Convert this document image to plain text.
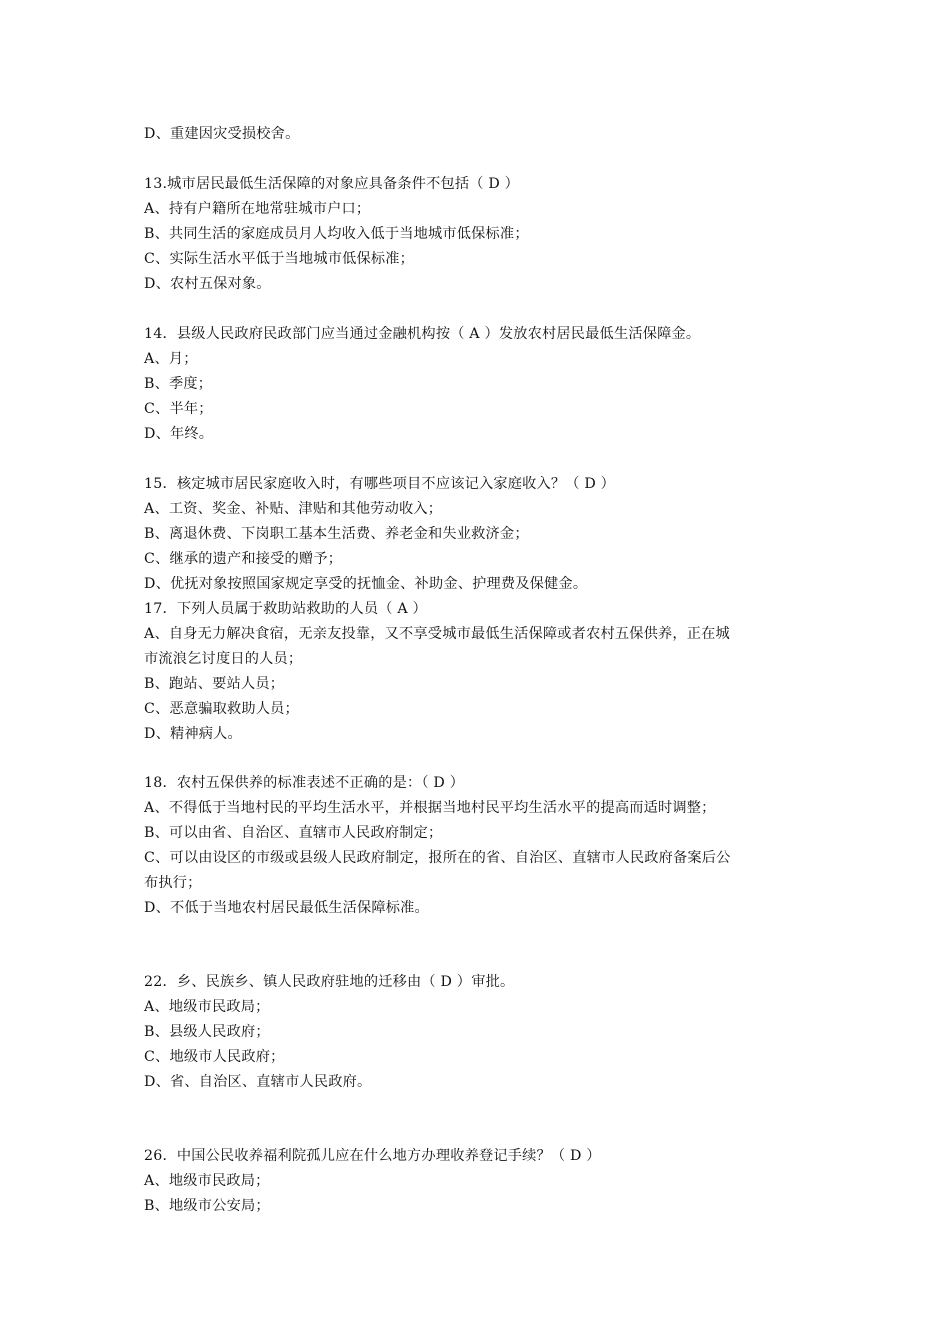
D、重建因灾受损校舍。
13.城市居民最低生活保障的对象应具备条件不包括（ D ）
A、持有户籍所在地常驻城市户口；
B、共同生活的家庭成员月人均收入低于当地城市低保标准；
C、实际生活水平低于当地城市低保标准；
D、农村五保对象。
14．县级人民政府民政部门应当通过金融机构按（ A ）发放农村居民最低生活保障金。
A、月；
B、季度；
C、半年；
D、年终。
15．核定城市居民家庭收入时，有哪些项目不应该记入家庭收入？（ D ）
A、工资、奖金、补贴、津贴和其他劳动收入；
B、离退休费、下岗职工基本生活费、养老金和失业救济金；
C、继承的遗产和接受的赠予；
D、优抚对象按照国家规定享受的抚恤金、补助金、护理费及保健金。
17．下列人员属于救助站救助的人员（ A ）
A、自身无力解决食宿，无亲友投靠，又不享受城市最低生活保障或者农村五保供养，正在城
市流浪乞讨度日的人员；
B、跑站、要站人员；
C、恶意骗取救助人员；
D、精神病人。
18．农村五保供养的标准表述不正确的是：（ D ）
A、不得低于当地村民的平均生活水平，并根据当地村民平均生活水平的提高而适时调整；
B、可以由省、自治区、直辖市人民政府制定；
C、可以由设区的市级或县级人民政府制定，报所在的省、自治区、直辖市人民政府备案后公
布执行；
D、不低于当地农村居民最低生活保障标准。
22．乡、民族乡、镇人民政府驻地的迁移由（ D ）审批。
A、地级市民政局；
B、县级人民政府；
C、地级市人民政府；
D、省、自治区、直辖市人民政府。
26．中国公民收养福利院孤儿应在什么地方办理收养登记手续？（ D ）
A、地级市民政局；
B、地级市公安局；
